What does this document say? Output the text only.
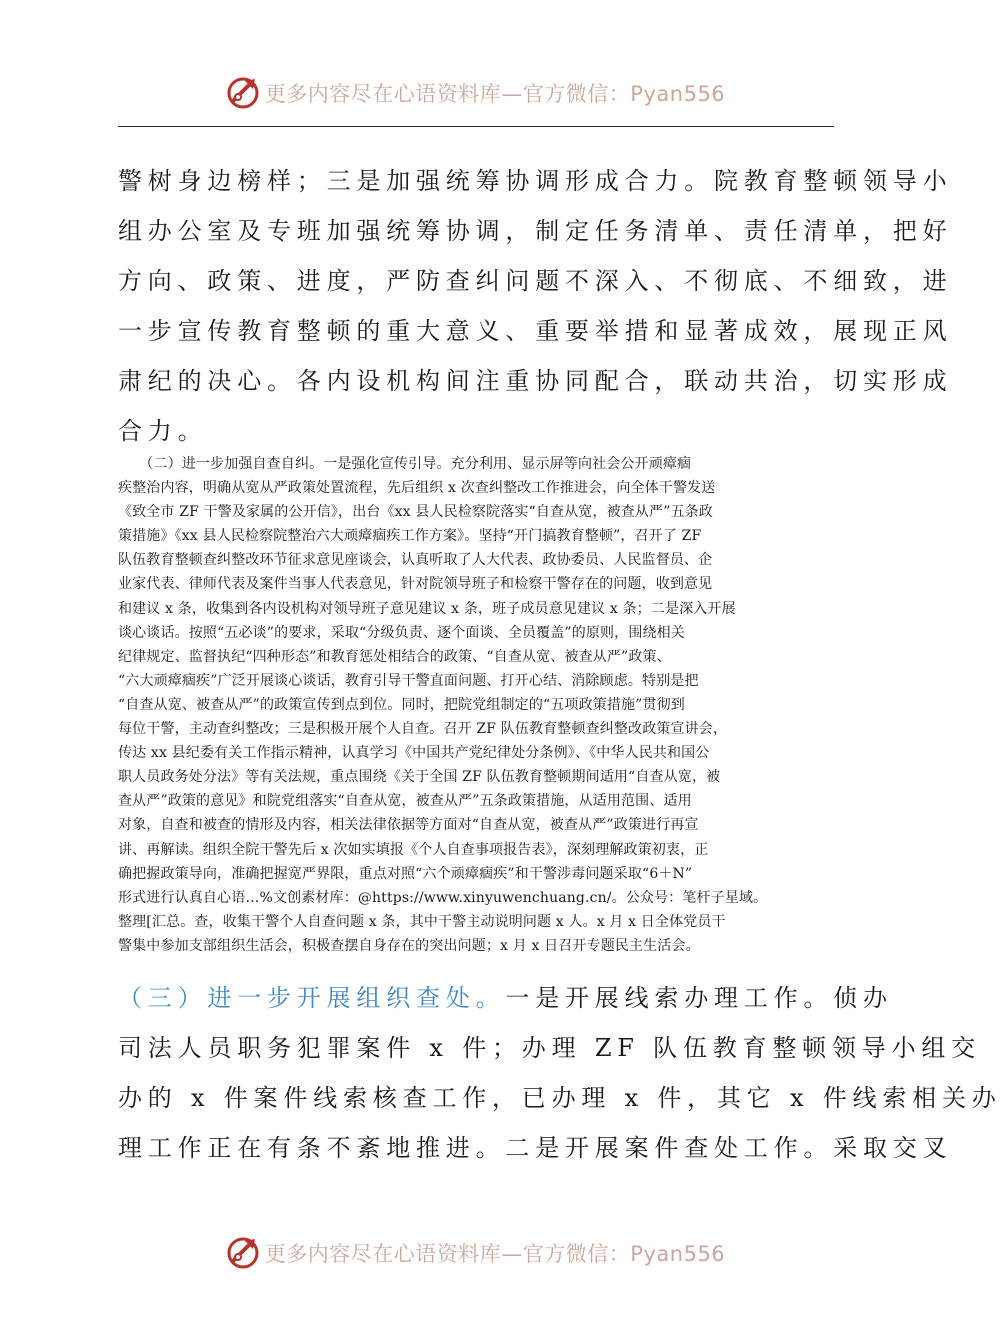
更多内容尽在心语资料库—官方微信：Pyan556
警树身边榜样；三是加强统筹协调形成合力。院教育整顿领导小
组办公室及专班加强统筹协调，制定任务清单、责任清单，把好
方向、政策、进度，严防查纠问题不深入、不彻底、不细致，进
一步宣传教育整顿的重大意义、重要举措和显著成效，展现正风
肃纪的决心。各内设机构间注重协同配合，联动共治，切实形成
合力。
　　（二）进一步加强自查自纠。一是强化宣传引导。充分利用、显示屏等向社会公开顽瘴痼
疾整治内容，明确从宽从严政策处置流程，先后组织 x 次查纠整改工作推进会，向全体干警发送
《致全市 ZF 干警及家属的公开信》，出台《xx 县人民检察院落实“自查从宽，被查从严”五条政
策措施》《xx 县人民检察院整治六大顽瘴痼疾工作方案》。坚持“开门搞教育整顿”，召开了 ZF
队伍教育整顿查纠整改环节征求意见座谈会，认真听取了人大代表、政协委员、人民监督员、企
业家代表、律师代表及案件当事人代表意见，针对院领导班子和检察干警存在的问题，收到意见
和建议 x 条，收集到各内设机构对领导班子意见建议 x 条，班子成员意见建议 x 条；二是深入开展
谈心谈话。按照“五必谈”的要求，采取“分级负责、逐个面谈、全员覆盖”的原则，围绕相关
纪律规定、监督执纪“四种形态”和教育惩处相结合的政策、“自查从宽、被查从严”政策、
“六大顽瘴痼疾”广泛开展谈心谈话，教育引导干警直面问题、打开心结、消除顾虑。特别是把
“自查从宽、被查从严”的政策宣传到点到位。同时，把院党组制定的“五项政策措施”贯彻到
每位干警，主动查纠整改；三是积极开展个人自查。召开 ZF 队伍教育整顿查纠整改政策宣讲会，
传达 xx 县纪委有关工作指示精神，认真学习《中国共产党纪律处分条例》、《中华人民共和国公
职人员政务处分法》等有关法规，重点围绕《关于全国 ZF 队伍教育整顿期间适用“自查从宽，被
查从严”政策的意见》和院党组落实“自查从宽，被查从严”五条政策措施，从适用范围、适用
对象，自查和被查的情形及内容，相关法律依据等方面对“自查从宽，被查从严”政策进行再宣
讲、再解读。组织全院干警先后 x 次如实填报《个人自查事项报告表》，深刻理解政策初衷，正
确把握政策导向，准确把握宽严界限，重点对照“六个顽瘴痼疾”和干警涉毒问题采取“6＋N”
形式进行认真自心语…%文创素材库：@https://www.xinyuwenchuang.cn/。公众号：笔杆子星域。
整理[汇总。查，收集干警个人自查问题 x 条，其中干警主动说明问题 x 人。x 月 x 日全体党员干
警集中参加支部组织生活会，积极查摆自身存在的突出问题；x 月 x 日召开专题民主生活会。
（三）进一步开展组织查处。一是开展线索办理工作。侦办
司法人员职务犯罪案件 x 件；办理 ZF 队伍教育整顿领导小组交
办的 x 件案件线索核查工作，已办理 x 件，其它 x 件线索相关办
理工作正在有条不紊地推进。二是开展案件查处工作。采取交叉
更多内容尽在心语资料库—官方微信：Pyan556
